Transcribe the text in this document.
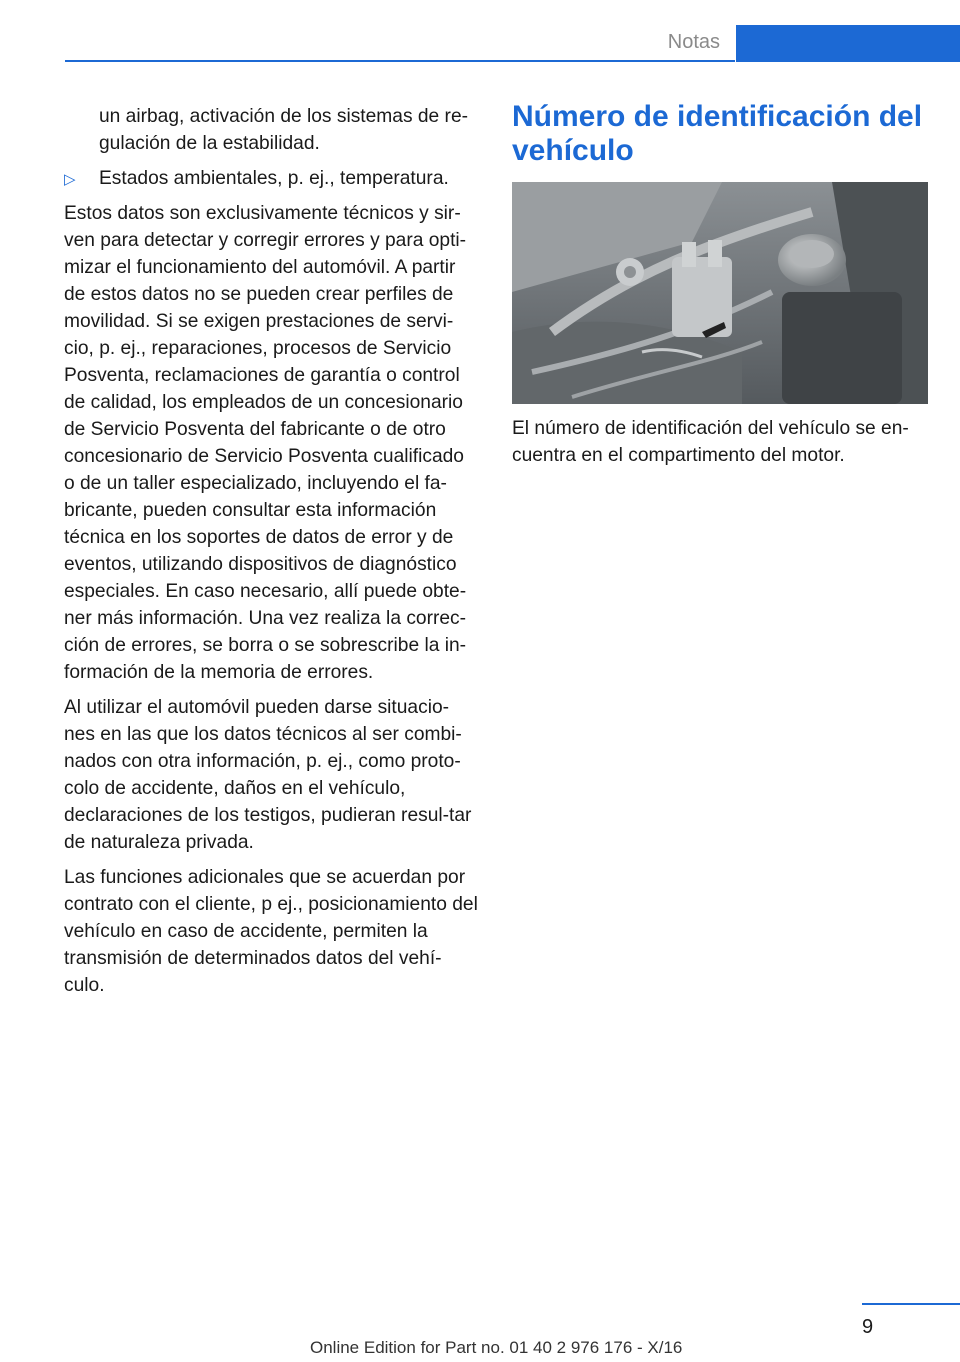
Notas

un airbag, activación de los sistemas de re-gulación de la estabilidad.

▷ Estados ambientales, p. ej., temperatura.

Estos datos son exclusivamente técnicos y sir-ven para detectar y corregir errores y para opti-mizar el funcionamiento del automóvil. A partir de estos datos no se pueden crear perfiles de movilidad. Si se exigen prestaciones de servi-cio, p. ej., reparaciones, procesos de Servicio Posventa, reclamaciones de garantía o control de calidad, los empleados de un concesionario de Servicio Posventa del fabricante o de otro concesionario de Servicio Posventa cualificado o de un taller especializado, incluyendo el fa-bricante, pueden consultar esta información técnica en los soportes de datos de error y de eventos, utilizando dispositivos de diagnóstico especiales. En caso necesario, allí puede obte-ner más información. Una vez realiza la correc-ción de errores, se borra o se sobrescribe la in-formación de la memoria de errores.

Al utilizar el automóvil pueden darse situacio-nes en las que los datos técnicos al ser combi-nados con otra información, p. ej., como proto-colo de accidente, daños en el vehículo, declaraciones de los testigos, pudieran resul-tar de naturaleza privada.

Las funciones adicionales que se acuerdan por contrato con el cliente, p ej., posicionamiento del vehículo en caso de accidente, permiten la transmisión de determinados datos del vehí-culo.

Número de identificación del vehículo

El número de identificación del vehículo se en-cuentra en el compartimento del motor.

9
Online Edition for Part no. 01 40 2 976 176 - X/16
